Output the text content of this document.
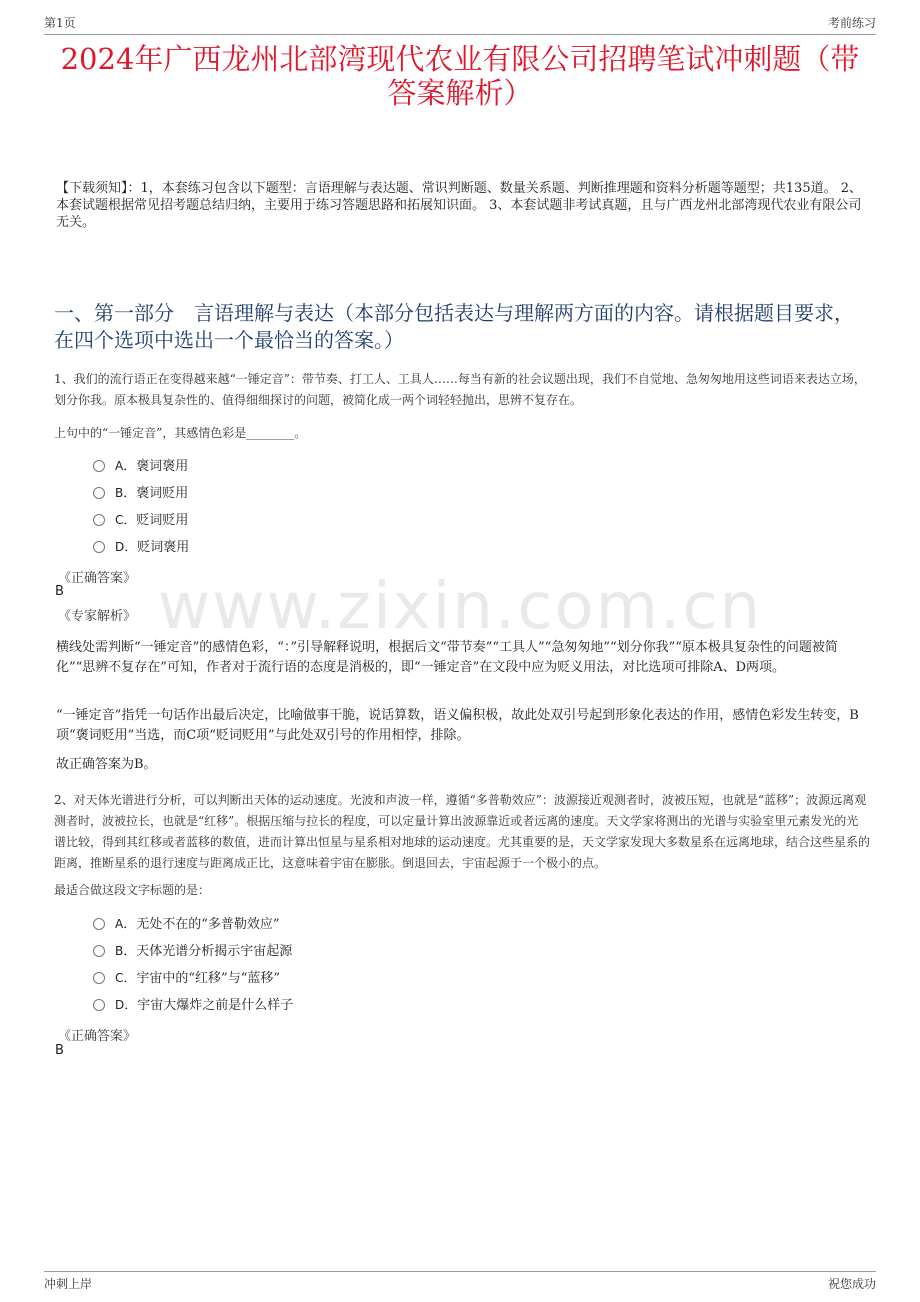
www.zixin.com.cn
第1页	考前练习
2024年广西龙州北部湾现代农业有限公司招聘笔试冲刺题（带答案解析）
【下载须知】：1，本套练习包含以下题型：言语理解与表达题、常识判断题、数量关系题、判断推理题和资料分析题等题型；共135道。 2、本套试题根据常见招考题总结归纳，主要用于练习答题思路和拓展知识面。 3、本套试题非考试真题，且与广西龙州北部湾现代农业有限公司无关。
一、第一部分　言语理解与表达（本部分包括表达与理解两方面的内容。请根据题目要求，在四个选项中选出一个最恰当的答案。）
1、我们的流行语正在变得越来越“一锤定音”：带节奏、打工人、工具人……每当有新的社会议题出现，我们不自觉地、急匆匆地用这些词语来表达立场，划分你我。原本极具复杂性的、值得细细探讨的问题，被简化成一两个词轻轻抛出，思辨不复存在。
上句中的“一锤定音”，其感情色彩是________。
A．褒词褒用
B．褒词贬用
C．贬词贬用
D．贬词褒用
《正确答案》
B
《专家解析》
横线处需判断“一锤定音”的感情色彩，“：”引导解释说明，根据后文“带节奏”“工具人”“急匆匆地”“划分你我”“原本极具复杂性的问题被简化”“思辨不复存在”可知，作者对于流行语的态度是消极的，即“一锤定音”在文段中应为贬义用法，对比选项可排除A、D两项。
“一锤定音”指凭一句话作出最后决定，比喻做事干脆，说话算数，语义偏积极，故此处双引号起到形象化表达的作用，感情色彩发生转变，B项“褒词贬用”当选，而C项“贬词贬用”与此处双引号的作用相悖，排除。
故正确答案为B。
2、对天体光谱进行分析，可以判断出天体的运动速度。光波和声波一样，遵循“多普勒效应”：波源接近观测者时，波被压短，也就是“蓝移”；波源远离观测者时，波被拉长，也就是“红移”。根据压缩与拉长的程度，可以定量计算出波源靠近或者远离的速度。天文学家将测出的光谱与实验室里元素发光的光谱比较，得到其红移或者蓝移的数值，进而计算出恒星与星系相对地球的运动速度。尤其重要的是，天文学家发现大多数星系在远离地球，结合这些星系的距离，推断星系的退行速度与距离成正比，这意味着宇宙在膨胀。倒退回去，宇宙起源于一个极小的点。
最适合做这段文字标题的是：
A．无处不在的“多普勒效应”
B．天体光谱分析揭示宇宙起源
C．宇宙中的“红移”与“蓝移”
D．宇宙大爆炸之前是什么样子
《正确答案》
B
冲刺上岸	祝您成功
